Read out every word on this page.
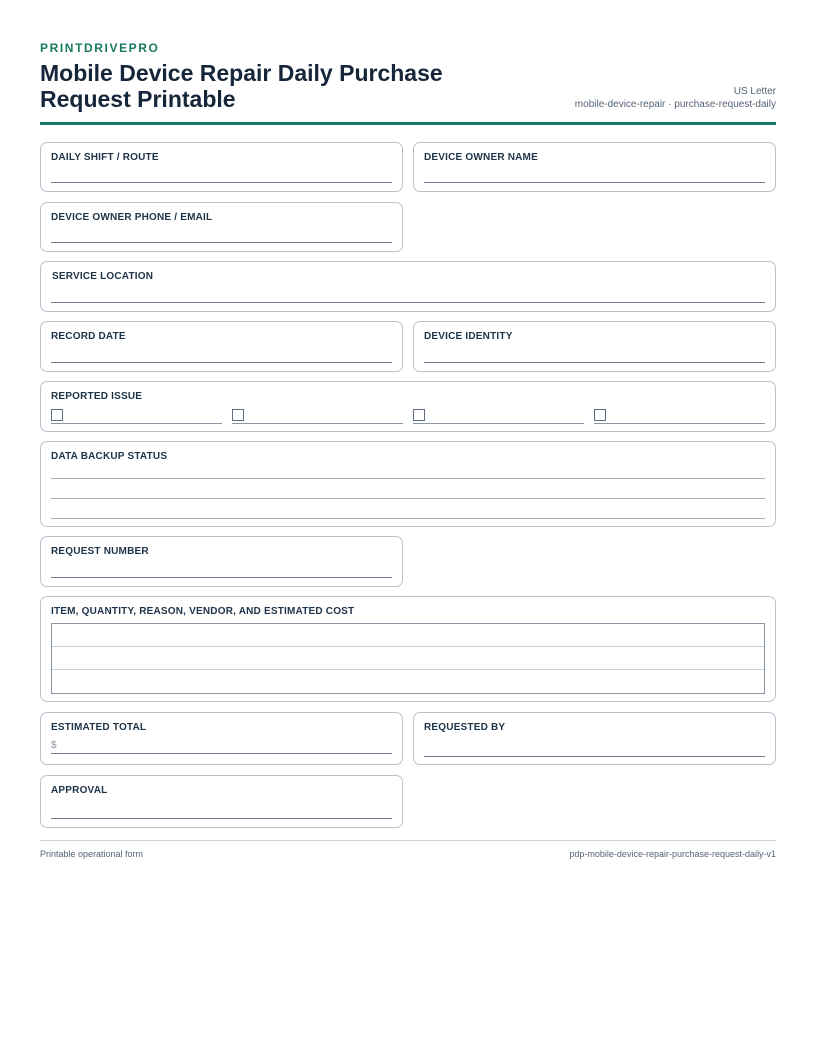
PRINTDRIVEPRO
Mobile Device Repair Daily Purchase Request Printable	US Letter
mobile-device-repair · purchase-request-daily
DAILY SHIFT / ROUTE	DEVICE OWNER NAME
DEVICE OWNER PHONE / EMAIL
SERVICE LOCATION
RECORD DATE	DEVICE IDENTITY
REPORTED ISSUE
DATA BACKUP STATUS
REQUEST NUMBER
ITEM, QUANTITY, REASON, VENDOR, AND ESTIMATED COST
ESTIMATED TOTAL
$
REQUESTED BY
APPROVAL
Printable operational form	pdp-mobile-device-repair-purchase-request-daily-v1
